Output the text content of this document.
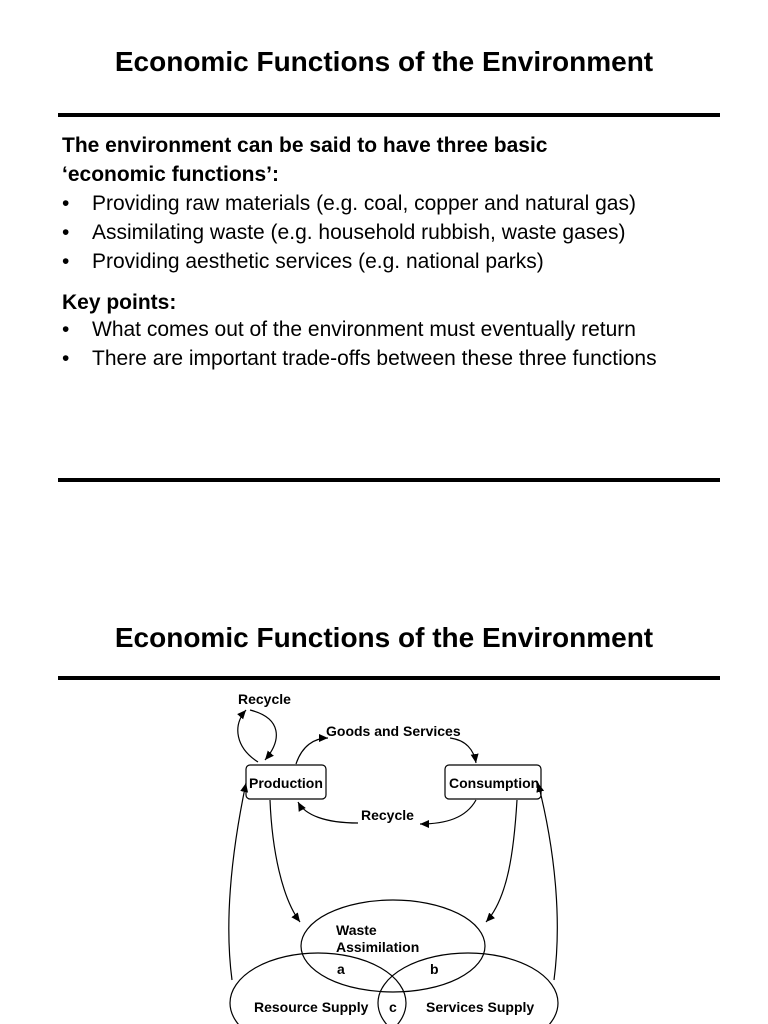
Economic Functions of the Environment

The environment can be said to have three basic
‘economic functions’:

• Providing raw materials (e.g. coal, copper and natural gas)
• Assimilating waste (e.g. household rubbish, waste gases)
• Providing aesthetic services (e.g. national parks)

Key points:

• What comes out of the environment must eventually return
• There are important trade-offs between these three functions
Economic Functions of the Environment
Recycle
Goods and Services
Production	Consumption
Recycle
Waste
Assimilation
a	b
c
Resource Supply	Services Supply
